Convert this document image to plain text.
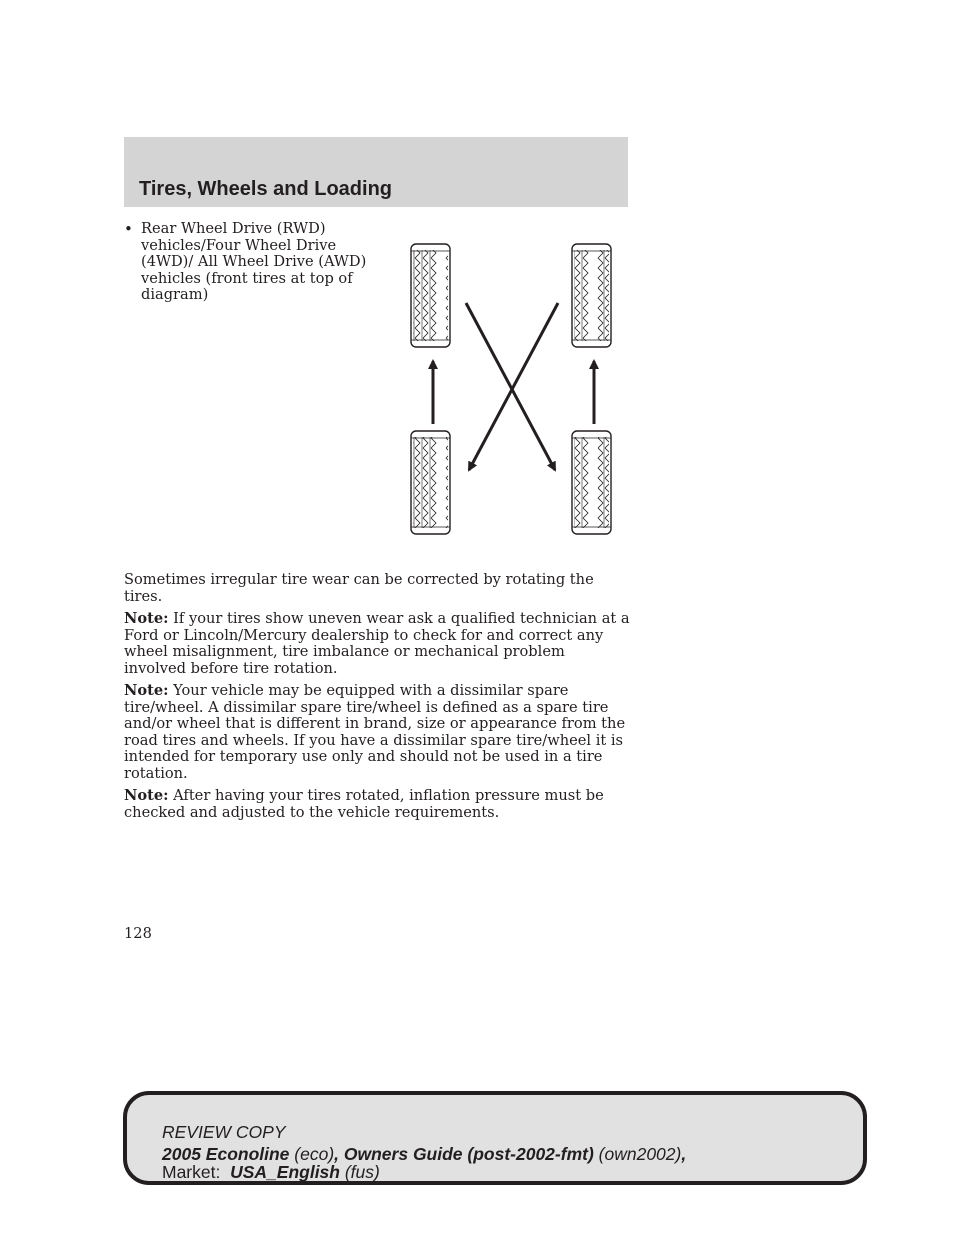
Tires, Wheels and Loading
• Rear Wheel Drive (RWD)
vehicles/Four Wheel Drive
(4WD)/ All Wheel Drive (AWD)
vehicles (front tires at top of
diagram)

Sometimes irregular tire wear can be corrected by rotating the tires.

Note: If your tires show uneven wear ask a qualified technician at a Ford or Lincoln/Mercury dealership to check for and correct any wheel misalignment, tire imbalance or mechanical problem involved before tire rotation.

Note: Your vehicle may be equipped with a dissimilar spare tire/wheel. A dissimilar spare tire/wheel is defined as a spare tire and/or wheel that is different in brand, size or appearance from the road tires and wheels. If you have a dissimilar spare tire/wheel it is intended for temporary use only and should not be used in a tire rotation.

Note: After having your tires rotated, inflation pressure must be checked and adjusted to the vehicle requirements.

128
REVIEW COPY
2005 Econoline (eco), Owners Guide (post-2002-fmt) (own2002),
Market: USA_English (fus)
